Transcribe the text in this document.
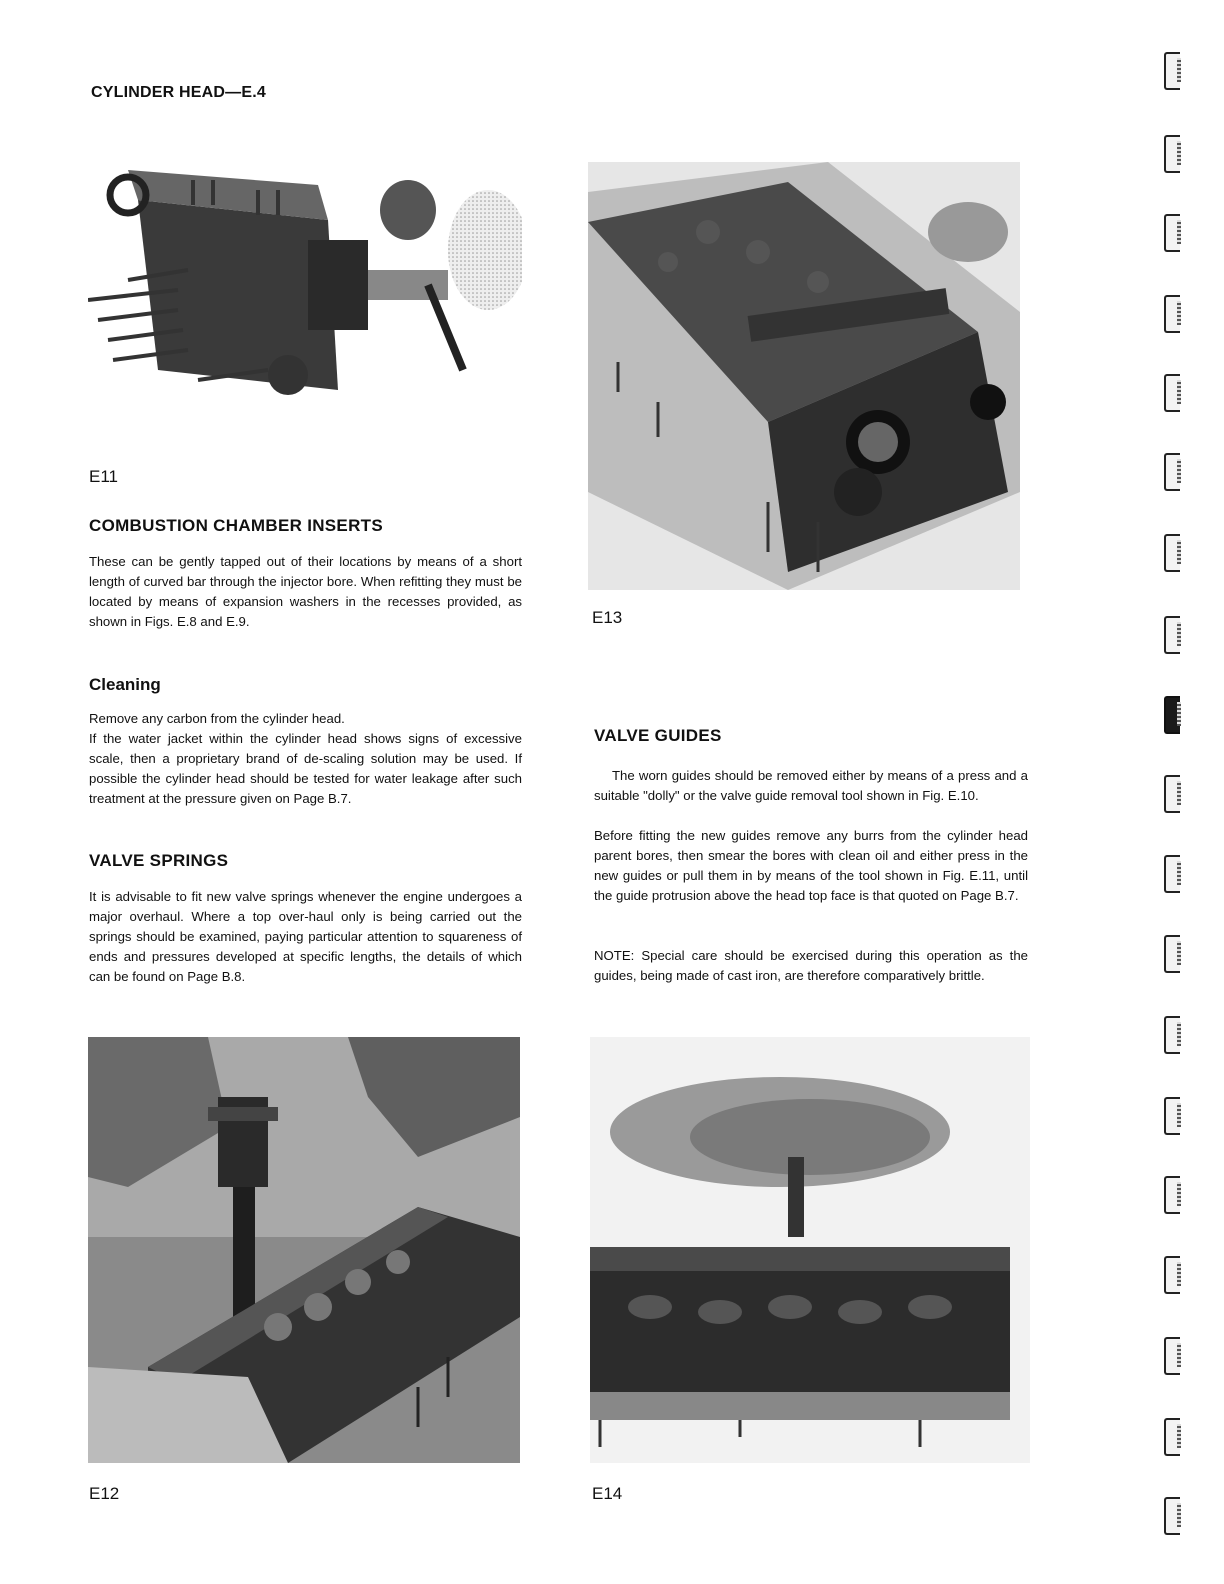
CYLINDER HEAD—E.4
E11
E13
COMBUSTION CHAMBER INSERTS

These can be gently tapped out of their locations by means of a short length of curved bar through the injector bore. When refitting they must be located by means of expansion washers in the recesses provided, as shown in Figs. E.8 and E.9.

Cleaning

Remove any carbon from the cylinder head.

If the water jacket within the cylinder head shows signs of excessive scale, then a proprietary brand of de-scaling solution may be used. If possible the cylinder head should be tested for water leakage after such treatment at the pressure given on Page B.7.

VALVE SPRINGS

It is advisable to fit new valve springs whenever the engine undergoes a major overhaul. Where a top over-haul only is being carried out the springs should be examined, paying particular attention to squareness of ends and pressures developed at specific lengths, the details of which can be found on Page B.8.

VALVE GUIDES

The worn guides should be removed either by means of a press and a suitable "dolly" or the valve guide removal tool shown in Fig. E.10.

Before fitting the new guides remove any burrs from the cylinder head parent bores, then smear the bores with clean oil and either press in the new guides or pull them in by means of the tool shown in Fig. E.11, until the guide protrusion above the head top face is that quoted on Page B.7.

NOTE: Special care should be exercised during this operation as the guides, being made of cast iron, are therefore comparatively brittle.

E12	E14
